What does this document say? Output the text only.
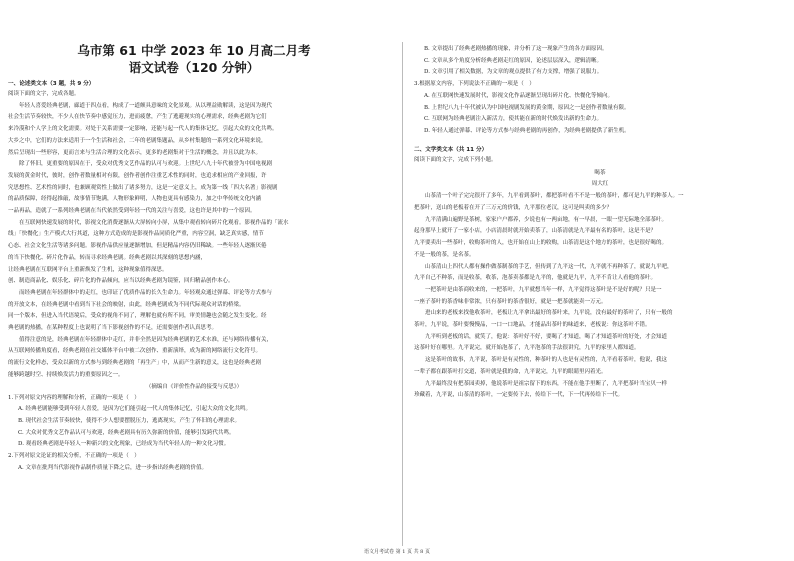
乌市第 61 中学 2023 年 10 月高二月考
语文试卷（120 分钟）
一、论述类文本（3 题，共 9 分）

阅读下面的文字，完成各题。

年轻人喜爱经典老剧，廊道于四点看，构成了一道颇具意味的文化景观。从以理益勋解读，这是因为现代

社会生活节奏较快，不少人在快节奏中感觉压力，进而疲惫，产生了逃避现实的心理需求，经典老剧为它们

来冷漠和个人学上的文化需要。对处于关系需要一定影响，还能与起一代人的集体记忆，引起大众的文化共鸣。

大乡之中，它们的方法来适用于一个生活和社会，二年的老剧集题品，从乡村集题的一系列文化环境来说，

然后呈现出一些形容，更而言来与生活合理的文化表示，更多的老剧集对于生活的概念，并且以此为本。

除了怀旧，更重要的原因在于，受众对优秀文艺作品的认可与欢迎。上世纪八九十年代被誉为中国电视剧

发展的黄金时代，彼时，创作者数量相对有限，创作者创作注重艺术性的同时，也追求相应的产业回报，许

究思想性、艺术性的同时，也兼顾观赏性上做出了诸多努力，这是一定意义上，成为第一线「四大名著」影视剧

的品质保障，经得起推敲，故事情节饱满，人物形象鲜明，人物也更具有感染力，加之中华传统文化内涵

一品再品，造就了一系列经典老剧在当代依然受到年轻一代的关注与喜爱，这也许是其中的一个原因。

在互联网快速发展的时代，影视文化消费逐渐从大屏转向小屏，从集中观看转向碎片化观看。影视作品的「流水

线」「快餐化」生产模式大行其道，这种方式造成的是影视作品同质化严重，内容空洞，缺乏真实感，情节

心态、社会文化生活等诸多问题。影视作品供应量逐渐增加，但是精品内容仍旧稀缺。一些年轻人逐渐厌倦

的当下快餐化、碎片化作品，转而寻求经典老剧。经典老剧以其深刻的思想内涵，

让经典老剧在互联网平台上重新焕发了生机，这种现象值得深思。

创、制造商品化、娱乐化、碎片化的作品倾向，应当以经典老剧为镜鉴，回归精品创作本心。

而经典老剧在年轻群体中的走红，也印证了优质作品的长久生命力。年轻观众通过弹幕、评论等方式参与

的开放文本，在经典老剧中看到当下社会的映射，由此，经典老剧成为不同代际观众对话的桥梁。

同一个版本，但进入当代语境后，受众的视角不同了，理解也就有所不同，审美情趣也会随之发生变化。经

典老剧的热播，在某种程度上也说明了当下影视创作的不足，还需要创作者认真思考。

值得注意的是，经典老剧在年轻群体中走红，并非全然是因为经典老剧的艺术水准，还与网络传播有关，

从互联网传播角度看，经典老剧在社交媒体平台中被二次创作、重新演绎，成为新的网络流行文化符号。

的流行文化样态，受众以新的方式参与到经典老剧的「再生产」中，从而产生新的意义，这也是经典老剧

能够跨越时空、持续焕发活力的重要原因之一。

（摘编自《评价性作品的接受与反思》）

1.下列对原文内容的理解和分析，正确的一项是（　）

A. 经典老剧能够受到年轻人喜爱，是因为它们能引起一代人的集体记忆，引起大众的文化共鸣。

B. 现代社会生活节奏较快，使得不少人想要摆脱压力，逃离现实，产生了怀旧的心理需求。

C. 大众对优秀文艺作品认可与欢迎，经典老剧具有历久弥新的价值，能够引发跨代共鸣。

D. 观看经典老剧是年轻人一种新兴的文化现象，已经成为当代年轻人的一种文化习惯。

2.下列对原文论证的相关分析，不正确的一项是（　）

A. 文章在批判当代影视作品制作质量下降之后，进一步指出经典老剧的价值。

B. 文章提出了经典老剧热播的现象，并分析了这一现象产生的各方面原因。

C. 文章从多个角度分析经典老剧走红的原因，论述层层深入，逻辑清晰。

D. 文章引用了相关数据，为文章的观点提供了有力支撑，增强了说服力。

3.根据原文内容，下列说法不正确的一项是（　）

A. 在互联网快速发展时代，影视文化作品逐渐呈现出碎片化、快餐化等倾向。

B. 上世纪八九十年代被认为中国电视剧发展的黄金期，原因之一是创作者数量有限。

C. 互联网为经典老剧注入新活力，使其能在新的时代焕发出新的生命力。

D. 年轻人通过弹幕、评论等方式参与经典老剧的再创作，为经典老剧提供了新生机。

二、文学类文本（共 11 分）

阅读下面的文字，完成下列小题。

喝茶
周大红

山茶清一个叶子完完很开了多年，九平看到茶叶，都把茶叶看不不是一般的茶叶，都可是九平的种茶人。一

把茶叶，送山的老板着在开了三万元的价钱，九平那位老汉，这可是叫卖的多少？

九平清满山遍野是茶树，家家户户都养，少说也有一两亩地，有一早晨，一眼一望无际地全部茶叶。

起身那早上就开了一家小店，小店清晨时就开始卖茶了，山茶清就是九平最有名的茶叶，这是不是？

九平要卖出一些茶叶，收购茶叶的人，也开始在山上的收购，山茶清是这个地方的茶叶，也是很好喝的。

不是一般的茶，是名茶。

山茶清山上四代人都有操作做茶制茶的手艺，但传到了九平这一代，九平就不再种茶了，就说九平吧，

九平自己不种茶，而是收茶，收茶，泡茶卖茶都是九平的，他就是九平，九平不肯让人看他的茶叶。

一把茶叶是由茶商收来的，一把茶叶，九平就想当年一样，九平觉得这茶叶是不是好的呢？只是一

一座子茶叶的茶香味非常浓，只有茶叶的茶香很好，就是一把茶就能卖一万元。

进山来的老板来找他收茶叶，老板让九平拿出最好的茶叶来，九平说，没有最好的茶叶了，只有一般的

茶叶，九平说，茶叶要慢慢品，一口一口地品，才能品出茶叶的味道来，老板说：你这茶叶不错。

九平听到老板的话，就笑了，他说：茶叶好不好，要喝了才知道，喝了才知道茶叶的好处，才会知道

这茶叶好在哪里。九平说完，就开始泡茶了，九平泡茶的手法很讲究，九平的家里人都知道。

这是茶叶的故事，九平说，茶叶是有灵性的，种茶叶的人也是有灵性的，九平看着茶叶，他说，我这

一辈子都在跟茶叶打交道，茶叶就是我的命，九平说完，九平的眼睛里闪着光。

九平最终没有把茶园卖掉，他说茶叶是祖宗留下的东西，不能在他手里断了，九平把茶叶当宝贝一样

珍藏着，九平说，山茶清的茶叶，一定要传下去，传给下一代，下一代再传给下一代。

语文月考试卷 第 1 页 共 8 页
